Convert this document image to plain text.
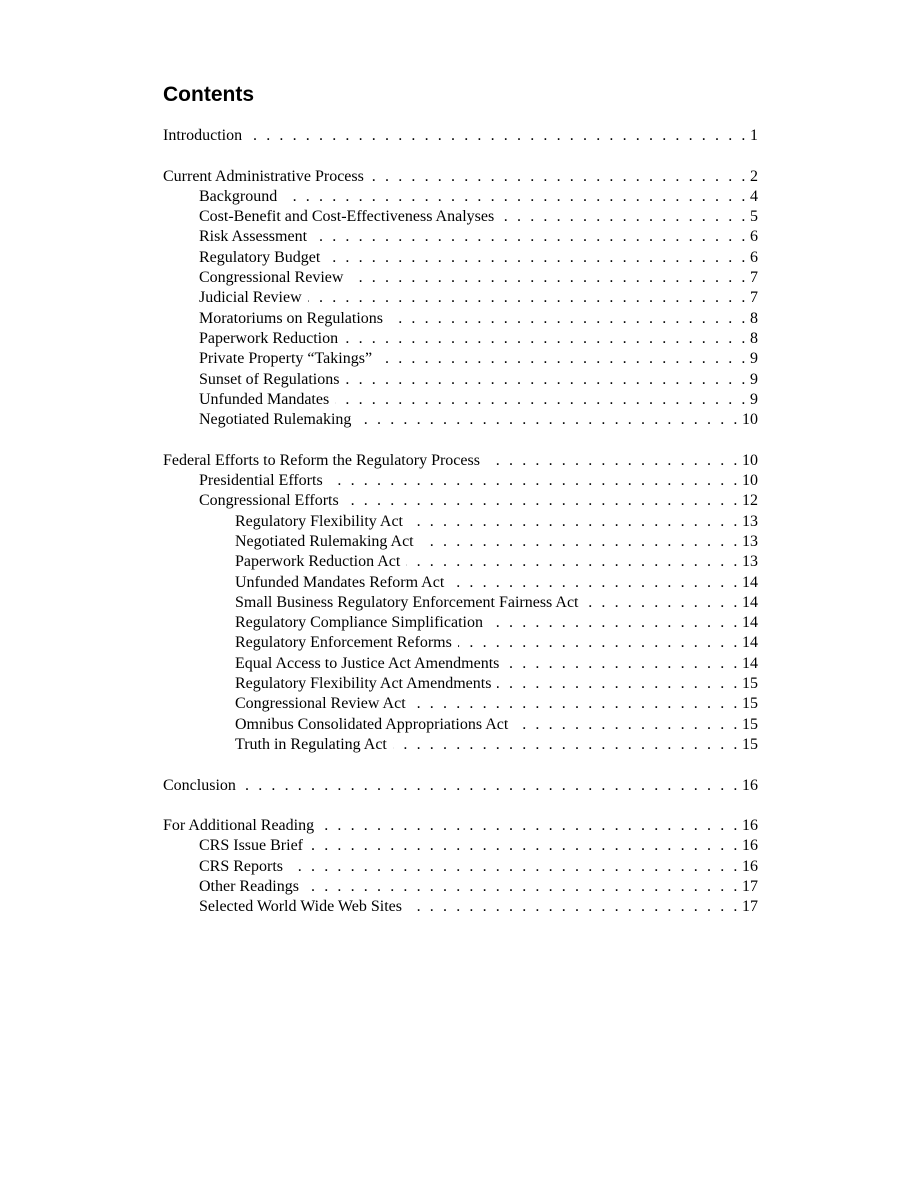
Contents
Introduction . . .	1
Current Administrative Process . . .	2
Background . . .	4
Cost-Benefit and Cost-Effectiveness Analyses . . .	5
Risk Assessment . . .	6
Regulatory Budget . . .	6
Congressional Review . . .	7
Judicial Review . . .	7
Moratoriums on Regulations . . .	8
Paperwork Reduction . . .	8
Private Property “Takings” . . .	9
Sunset of Regulations . . .	9
Unfunded Mandates . . .	9
Negotiated Rulemaking . . .	10
Federal Efforts to Reform the Regulatory Process . . .	10
Presidential Efforts . . .	10
Congressional Efforts . . .	12
Regulatory Flexibility Act . . .	13
Negotiated Rulemaking Act . . .	13
Paperwork Reduction Act . . .	13
Unfunded Mandates Reform Act . . .	14
Small Business Regulatory Enforcement Fairness Act . . .	14
Regulatory Compliance Simplification . . .	14
Regulatory Enforcement Reforms . . .	14
Equal Access to Justice Act Amendments . . .	14
Regulatory Flexibility Act Amendments . . .	15
Congressional Review Act . . .	15
Omnibus Consolidated Appropriations Act . . .	15
Truth in Regulating Act . . .	15
Conclusion . . .	16
For Additional Reading . . .	16
CRS Issue Brief . . .	16
CRS Reports . . .	16
Other Readings . . .	17
Selected World Wide Web Sites . . .	17
